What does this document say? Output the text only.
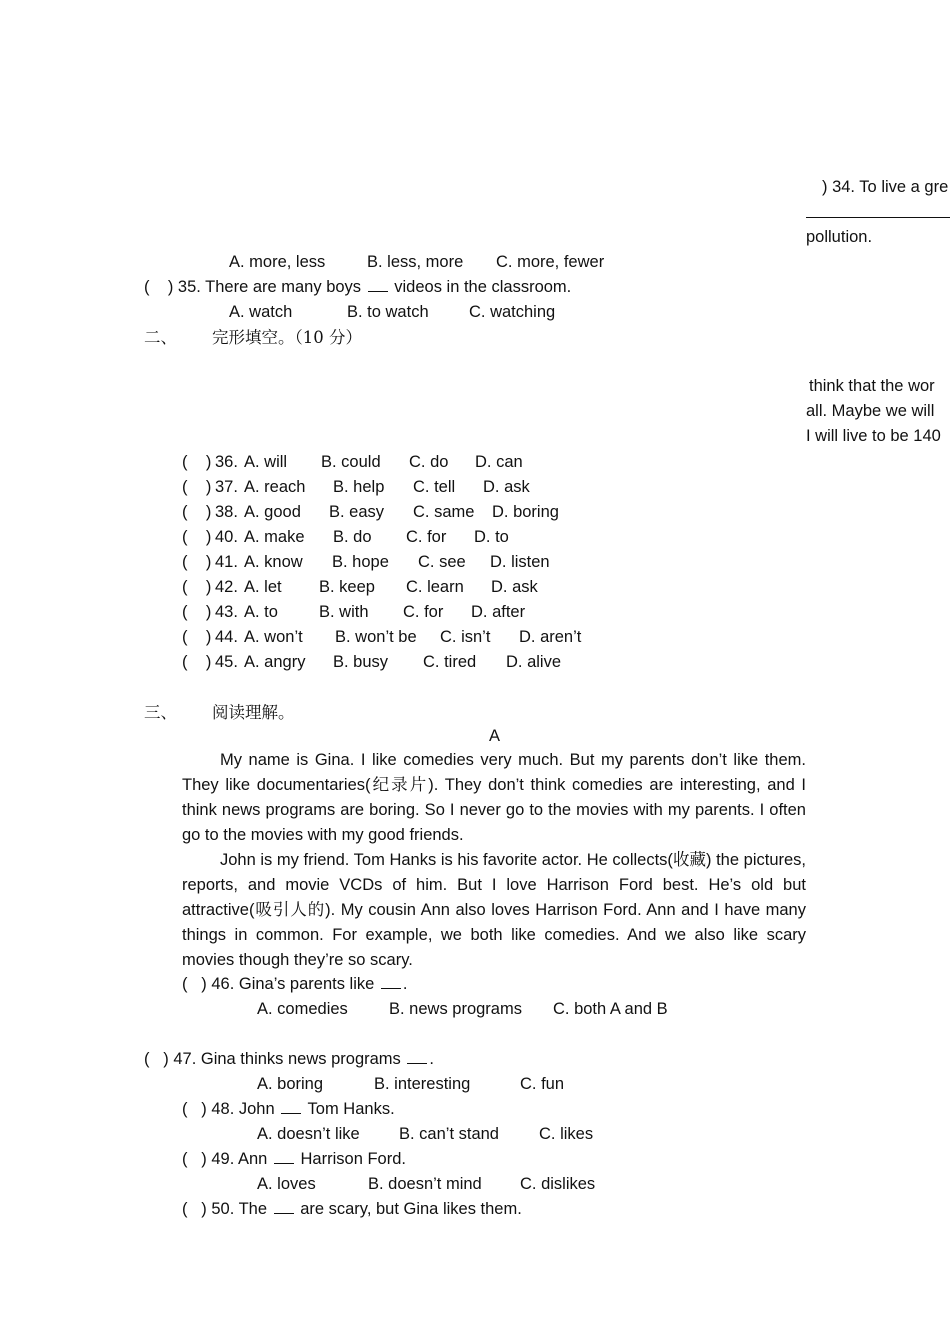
) 34. To live a gre
pollution.
think that the wor
all. Maybe we will
I will live to be 140
A. more, less	B. less, more C. more, fewer
(    ) 35. There are many boys videos in the classroom.
A. watch	B. to watch C. watching
二、 完形填空。（10 分）
(    ) 36. A. will B. could C. do D. can
(    ) 37. A. reach B. help C. tell D. ask
(    ) 38. A. good B. easy C. same D. boring
(    ) 40. A. make B. do C. for D. to
(    ) 41. A. know B. hope C. see D. listen
(    ) 42. A. let B. keep C. learn D. ask
(    ) 43. A. to B. with C. for D. after
(    ) 44. A. won’t B. won’t be C. isn’t D. aren’t
(    ) 45. A. angry B. busy C. tired D. alive
三、 阅读理解。
A
My name is Gina. I like comedies very much. But my parents don’t like them. They like documentaries(纪录片). They don’t think comedies are interesting, and I think news programs are boring. So I never go to the movies with my parents. I often go to the movies with my good friends.
John is my friend. Tom Hanks is his favorite actor. He collects(收藏) the pictures, reports, and movie VCDs of him. But I love Harrison Ford best. He’s old but attractive(吸引人的). My cousin Ann also loves Harrison Ford. Ann and I have many things in common. For example, we both like comedies. And we also like scary movies though they’re so scary.
(   ) 46. Gina’s parents like .
A. comedies B. news programs C. both A and B
(   ) 47. Gina thinks news programs .
A. boring	B. interesting	C. fun
(   ) 48. John Tom Hanks.
A. doesn’t like B. can’t stand C. likes
(   ) 49. Ann Harrison Ford.
A. loves	B. doesn’t mind C. dislikes
(   ) 50. The are scary, but Gina likes them.
